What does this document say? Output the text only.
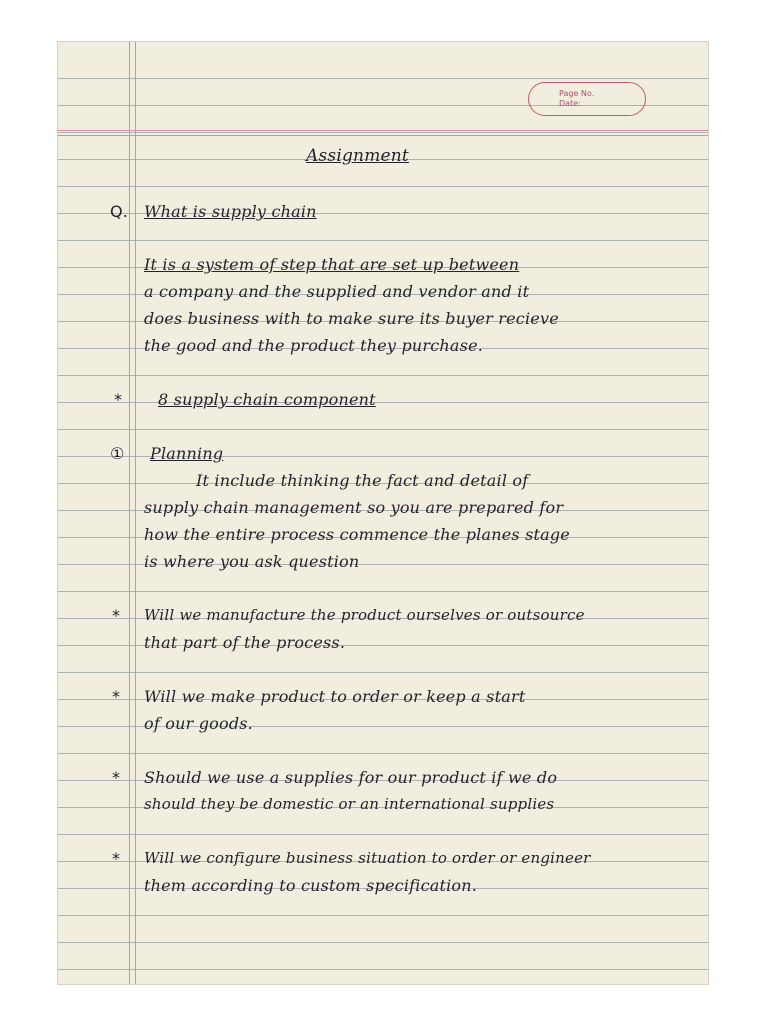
Page No.
Date:
Assignment
Q. What is supply chain
It is a system of step that are set up between
a company and the supplied and vendor and it
does business with to make sure its buyer recieve
the good and the product they purchase.
* 8 supply chain component
① Planning
It include thinking the fact and detail of
supply chain management so you are prepared for
how the entire process commence the planes stage
is where you ask question
* Will we manufacture the product ourselves or outsource
that part of the process.
* Will we make product to order or keep a start
of our goods.
* Should we use a supplies for our product if we do
should they be domestic or an international supplies
* Will we configure business situation to order or engineer
them according to custom specification.
